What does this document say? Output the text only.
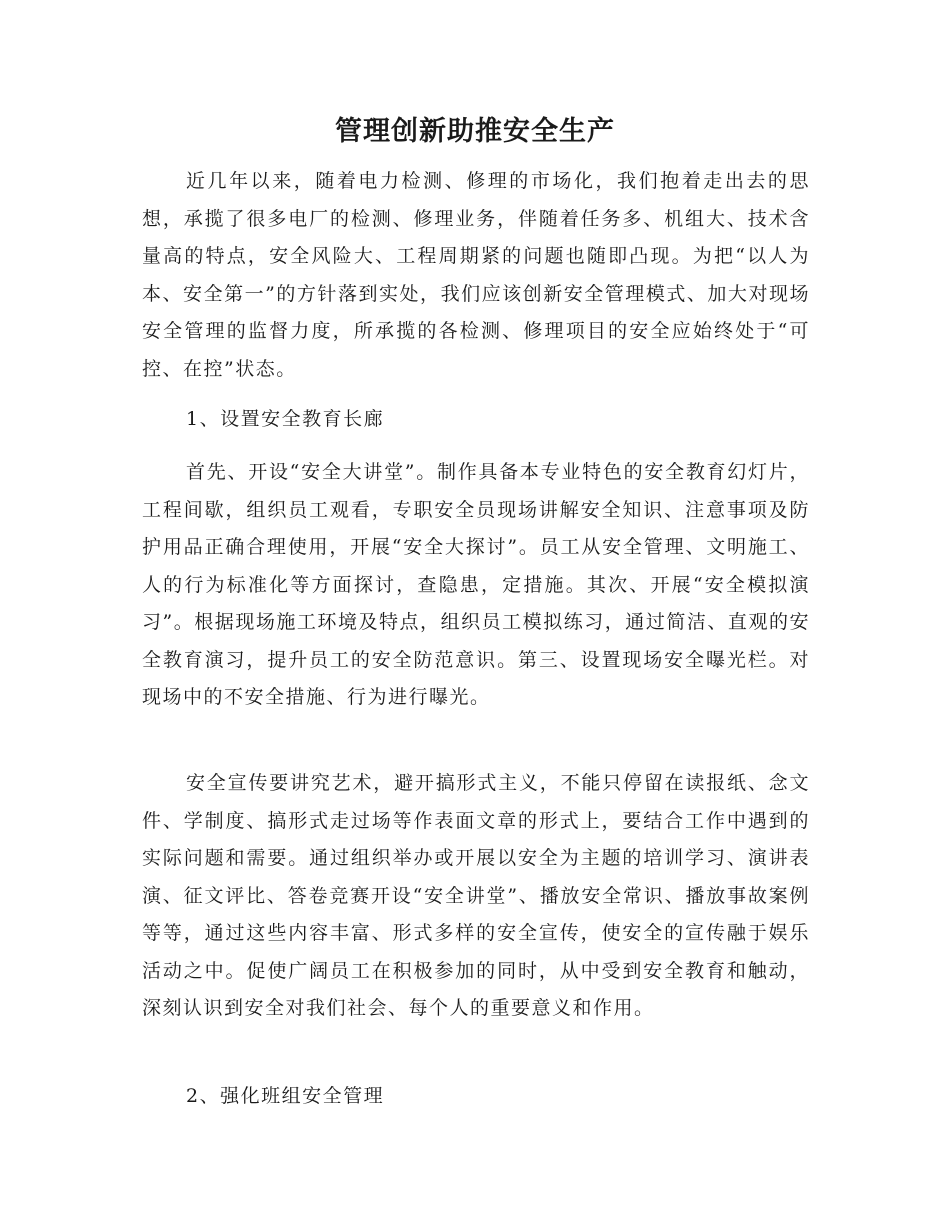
管理创新助推安全生产
近几年以来，随着电力检测、修理的市场化，我们抱着走出去的思想，承揽了很多电厂的检测、修理业务，伴随着任务多、机组大、技术含量高的特点，安全风险大、工程周期紧的问题也随即凸现。为把“以人为本、安全第一”的方针落到实处，我们应该创新安全管理模式、加大对现场安全管理的监督力度，所承揽的各检测、修理项目的安全应始终处于“可控、在控”状态。
1、设置安全教育长廊
首先、开设“安全大讲堂”。制作具备本专业特色的安全教育幻灯片，工程间歇，组织员工观看，专职安全员现场讲解安全知识、注意事项及防护用品正确合理使用，开展“安全大探讨”。员工从安全管理、文明施工、人的行为标准化等方面探讨，查隐患，定措施。其次、开展“安全模拟演习”。根据现场施工环境及特点，组织员工模拟练习，通过简洁、直观的安全教育演习，提升员工的安全防范意识。第三、设置现场安全曝光栏。对现场中的不安全措施、行为进行曝光。
安全宣传要讲究艺术，避开搞形式主义，不能只停留在读报纸、念文件、学制度、搞形式走过场等作表面文章的形式上，要结合工作中遇到的实际问题和需要。通过组织举办或开展以安全为主题的培训学习、演讲表演、征文评比、答卷竞赛开设“安全讲堂”、播放安全常识、播放事故案例等等，通过这些内容丰富、形式多样的安全宣传，使安全的宣传融于娱乐活动之中。促使广阔员工在积极参加的同时，从中受到安全教育和触动，深刻认识到安全对我们社会、每个人的重要意义和作用。
2、强化班组安全管理
